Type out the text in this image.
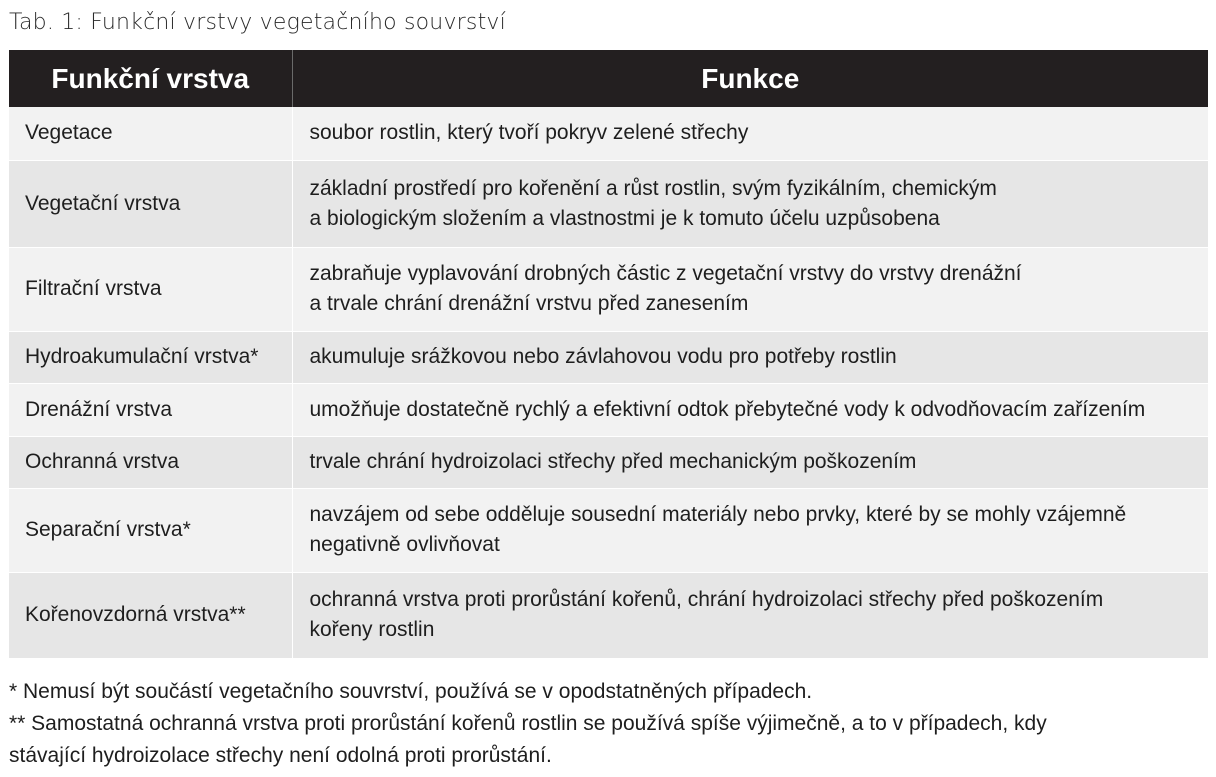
Tab. 1: Funkční vrstvy vegetačního souvrství
Funkční vrstva	Funkce
Vegetace	soubor rostlin, který tvoří pokryv zelené střechy

Vegetační vrstva	základní prostředí pro kořenění a růst rostlin, svým fyzikálním, chemickým
a biologickým složením a vlastnostmi je k tomuto účelu uzpůsobena

Filtrační vrstva	zabraňuje vyplavování drobných částic z vegetační vrstvy do vrstvy drenážní
a trvale chrání drenážní vrstvu před zanesením

Hydroakumulační vrstva*	akumuluje srážkovou nebo závlahovou vodu pro potřeby rostlin

Drenážní vrstva	umožňuje dostatečně rychlý a efektivní odtok přebytečné vody k odvodňovacím zařízením

Ochranná vrstva	trvale chrání hydroizolaci střechy před mechanickým poškozením

Separační vrstva*	navzájem od sebe odděluje sousední materiály nebo prvky, které by se mohly vzájemně
negativně ovlivňovat

Kořenovzdorná vrstva**	ochranná vrstva proti prorůstání kořenů, chrání hydroizolaci střechy před poškozením
kořeny rostlin
* Nemusí být součástí vegetačního souvrství, používá se v opodstatněných případech.
** Samostatná ochranná vrstva proti prorůstání kořenů rostlin se používá spíše výjimečně, a to v případech, kdy
stávající hydroizolace střechy není odolná proti prorůstání.
